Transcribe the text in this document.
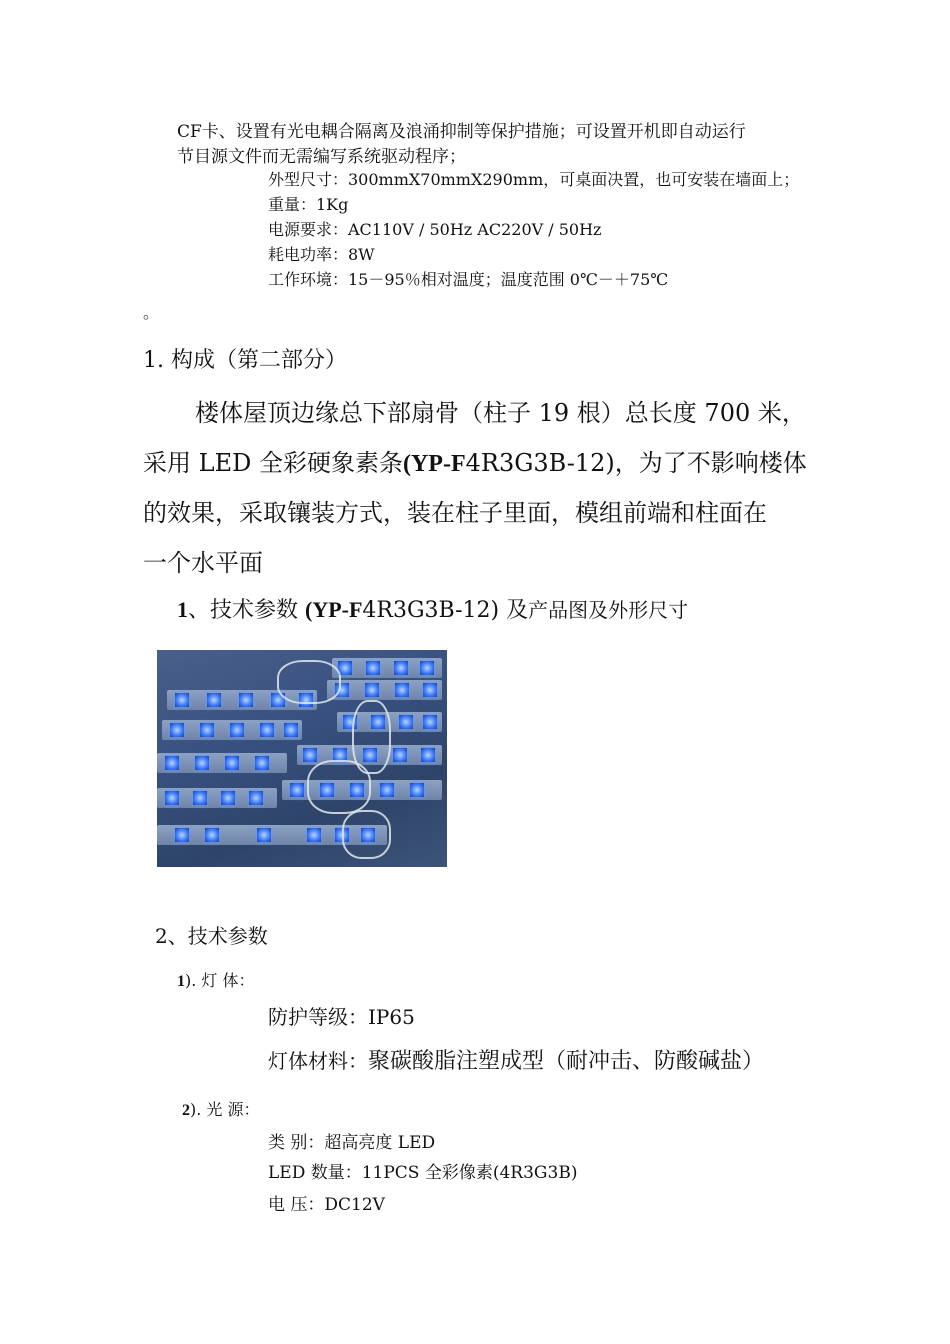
CF卡、设置有光电耦合隔离及浪涌抑制等保护措施；可设置开机即自动运行
节目源文件而无需编写系统驱动程序；
外型尺寸：300mmX70mmX290mm，可桌面决置，也可安装在墙面上；
重量：1Kg
电源要求：AC110V / 50Hz AC220V / 50Hz
耗电功率：8W
工作环境：15－95％相对温度；温度范围 0℃－＋75℃
。
1. 构成（第二部分）
楼体屋顶边缘总下部扇骨（柱子 19 根）总长度 700 米，
采用 LED 全彩硬象素条(YP-F4R3G3B-12)，为了不影响楼体
的效果，采取镶装方式，装在柱子里面，模组前端和柱面在
一个水平面
1、技术参数 (YP-F4R3G3B-12) 及产品图及外形尺寸
2、技术参数
1). 灯 体：
防护等级：IP65
灯体材料：聚碳酸脂注塑成型（耐冲击、防酸碱盐）
2). 光 源：
类 别：超高亮度 LED
LED 数量：11PCS 全彩像素(4R3G3B)
电 压：DC12V
